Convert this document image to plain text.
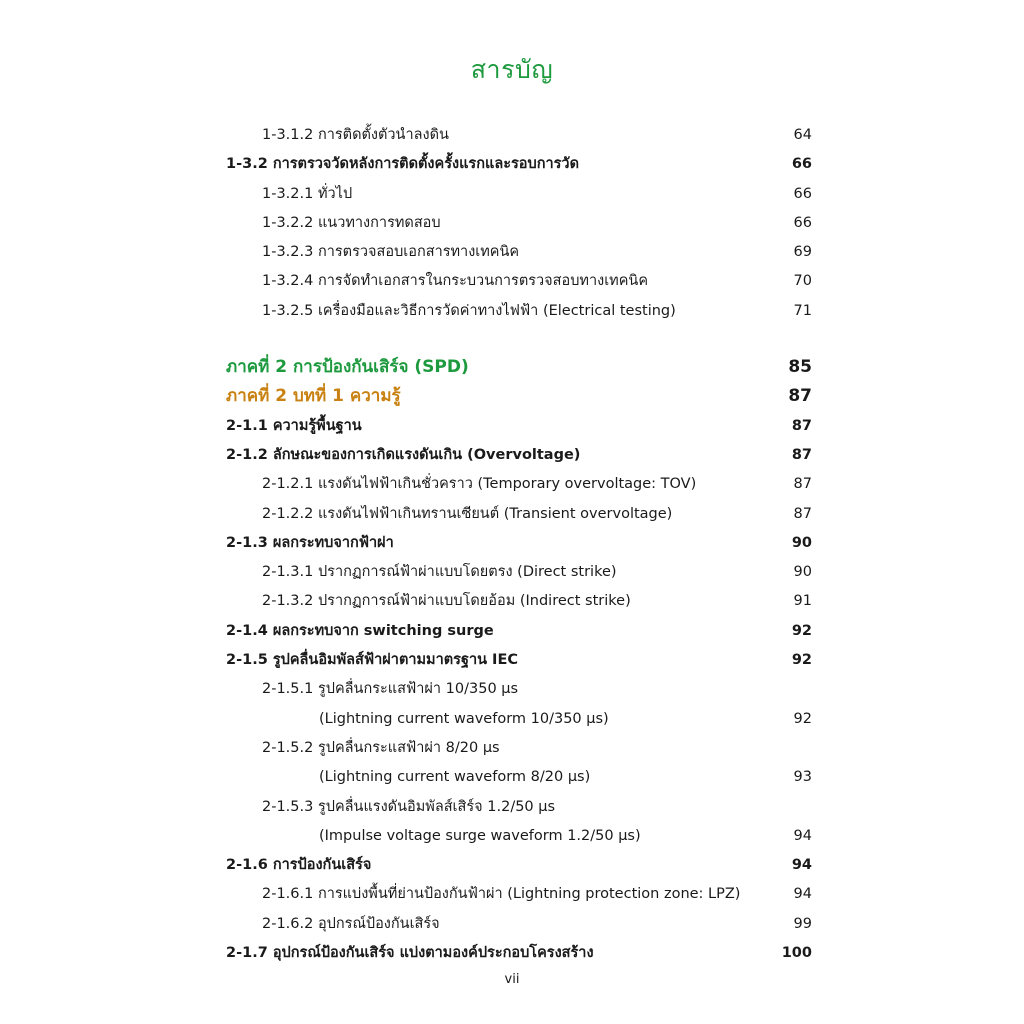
สารบัญ
1-3.1.2 การติดตั้งตัวนำลงดิน	64
1-3.2 การตรวจวัดหลังการติดตั้งครั้งแรกและรอบการวัด	66
1-3.2.1 ทั่วไป	66
1-3.2.2 แนวทางการทดสอบ	66
1-3.2.3 การตรวจสอบเอกสารทางเทคนิค	69
1-3.2.4 การจัดทำเอกสารในกระบวนการตรวจสอบทางเทคนิค	70
1-3.2.5 เครื่องมือและวิธีการวัดค่าทางไฟฟ้า (Electrical testing)	71
ภาคที่ 2 การป้องกันเสิร์จ (SPD)	85
ภาคที่ 2 บทที่ 1 ความรู้	87
2-1.1 ความรู้พื้นฐาน	87
2-1.2 ลักษณะของการเกิดแรงดันเกิน (Overvoltage)	87
2-1.2.1 แรงดันไฟฟ้าเกินชั่วคราว (Temporary overvoltage: TOV)	87
2-1.2.2 แรงดันไฟฟ้าเกินทรานเซียนต์ (Transient overvoltage)	87
2-1.3 ผลกระทบจากฟ้าผ่า	90
2-1.3.1 ปรากฏการณ์ฟ้าผ่าแบบโดยตรง (Direct strike)	90
2-1.3.2 ปรากฏการณ์ฟ้าผ่าแบบโดยอ้อม (Indirect strike)	91
2-1.4 ผลกระทบจาก switching surge	92
2-1.5 รูปคลื่นอิมพัลส์ฟ้าผ่าตามมาตรฐาน IEC	92
2-1.5.1 รูปคลื่นกระแสฟ้าผ่า 10/350 µs
(Lightning current waveform 10/350 µs)	92
2-1.5.2 รูปคลื่นกระแสฟ้าผ่า 8/20 µs
(Lightning current waveform 8/20 µs)	93
2-1.5.3 รูปคลื่นแรงดันอิมพัลส์เสิร์จ 1.2/50 µs
(Impulse voltage surge waveform 1.2/50 µs)	94
2-1.6 การป้องกันเสิร์จ	94
2-1.6.1 การแบ่งพื้นที่ย่านป้องกันฟ้าผ่า (Lightning protection zone: LPZ)	94
2-1.6.2 อุปกรณ์ป้องกันเสิร์จ	99
2-1.7 อุปกรณ์ป้องกันเสิร์จ แบ่งตามองค์ประกอบโครงสร้าง	100
vii
